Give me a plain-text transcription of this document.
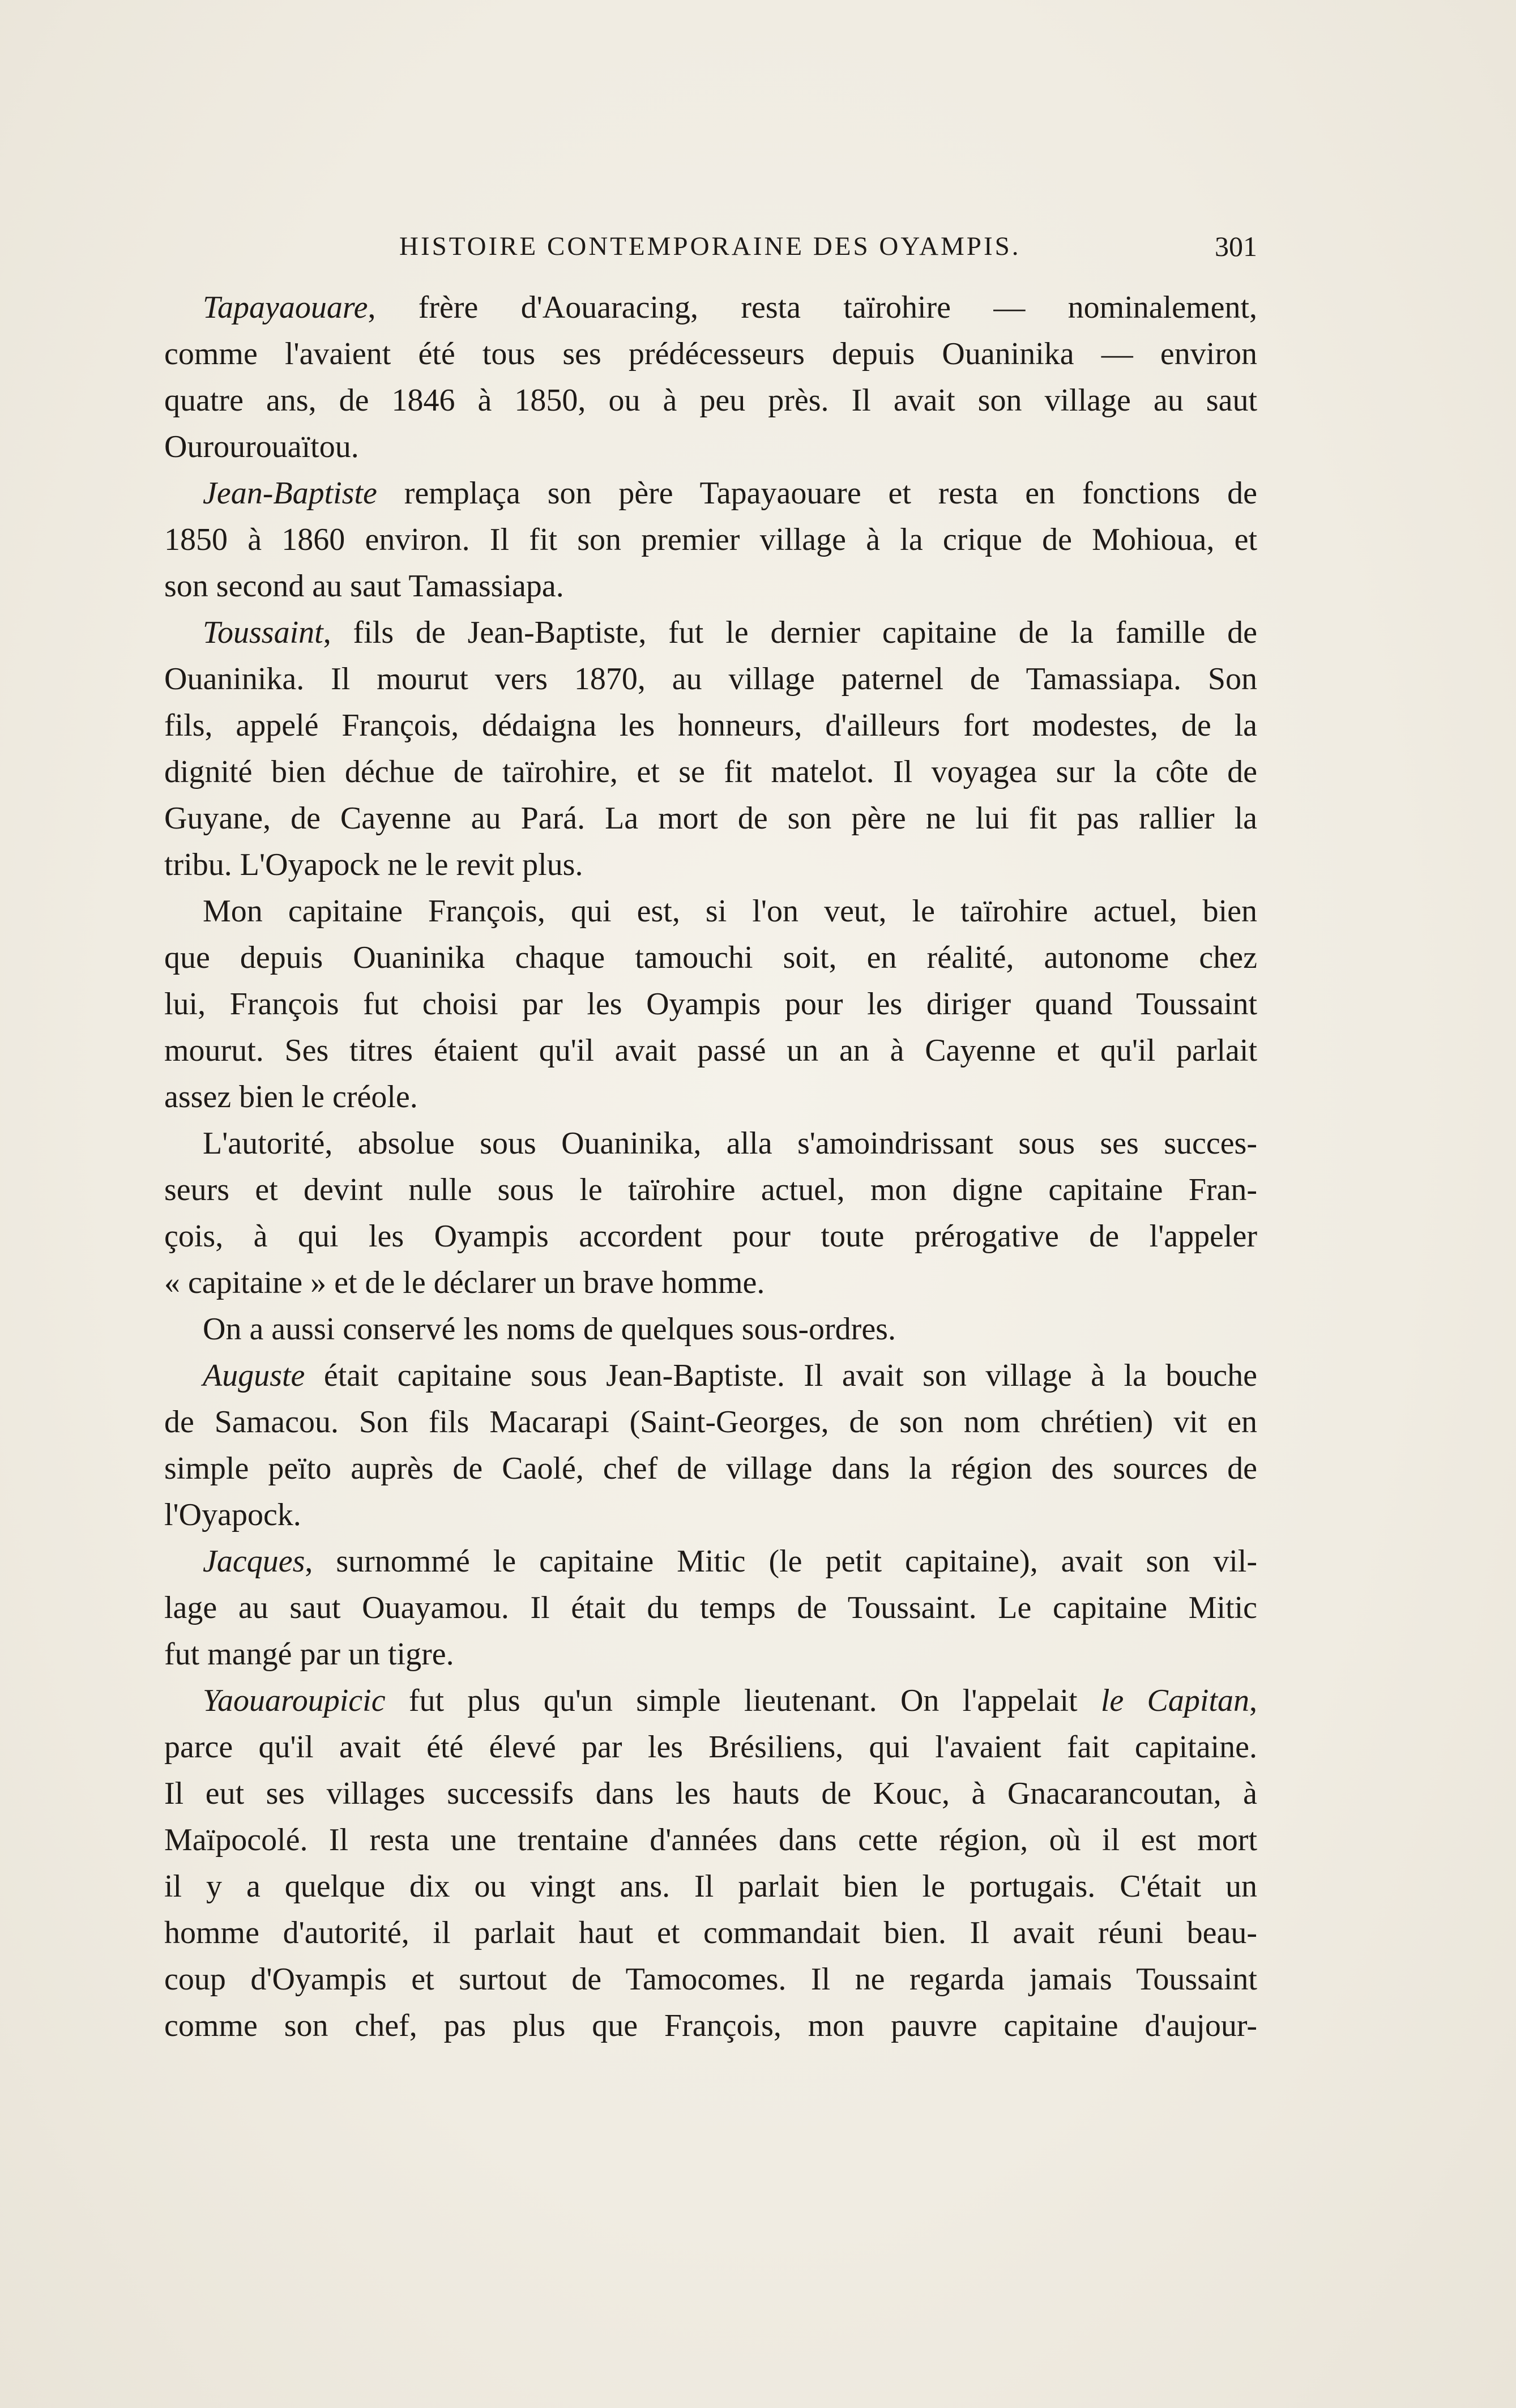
HISTOIRE CONTEMPORAINE DES OYAMPIS.	301
Tapayaouare, frère d'Aouaracing, resta taïrohire — nominalement,
comme l'avaient été tous ses prédécesseurs depuis Ouaninika — environ
quatre ans, de 1846 à 1850, ou à peu près. Il avait son village au saut
Ourourouaïtou.
Jean-Baptiste remplaça son père Tapayaouare et resta en fonctions de
1850 à 1860 environ. Il fit son premier village à la crique de Mohioua, et
son second au saut Tamassiapa.
Toussaint, fils de Jean-Baptiste, fut le dernier capitaine de la famille de
Ouaninika. Il mourut vers 1870, au village paternel de Tamassiapa. Son
fils, appelé François, dédaigna les honneurs, d'ailleurs fort modestes, de la
dignité bien déchue de taïrohire, et se fit matelot. Il voyagea sur la côte de
Guyane, de Cayenne au Pará. La mort de son père ne lui fit pas rallier la
tribu. L'Oyapock ne le revit plus.
Mon capitaine François, qui est, si l'on veut, le taïrohire actuel, bien
que depuis Ouaninika chaque tamouchi soit, en réalité, autonome chez
lui, François fut choisi par les Oyampis pour les diriger quand Toussaint
mourut. Ses titres étaient qu'il avait passé un an à Cayenne et qu'il parlait
assez bien le créole.
L'autorité, absolue sous Ouaninika, alla s'amoindrissant sous ses succes-
seurs et devint nulle sous le taïrohire actuel, mon digne capitaine Fran-
çois, à qui les Oyampis accordent pour toute prérogative de l'appeler
« capitaine » et de le déclarer un brave homme.
On a aussi conservé les noms de quelques sous-ordres.
Auguste était capitaine sous Jean-Baptiste. Il avait son village à la bouche
de Samacou. Son fils Macarapi (Saint-Georges, de son nom chrétien) vit en
simple peïto auprès de Caolé, chef de village dans la région des sources de
l'Oyapock.
Jacques, surnommé le capitaine Mitic (le petit capitaine), avait son vil-
lage au saut Ouayamou. Il était du temps de Toussaint. Le capitaine Mitic
fut mangé par un tigre.
Yaouaroupicic fut plus qu'un simple lieutenant. On l'appelait le Capitan,
parce qu'il avait été élevé par les Brésiliens, qui l'avaient fait capitaine.
Il eut ses villages successifs dans les hauts de Kouc, à Gnacarancoutan, à
Maïpocolé. Il resta une trentaine d'années dans cette région, où il est mort
il y a quelque dix ou vingt ans. Il parlait bien le portugais. C'était un
homme d'autorité, il parlait haut et commandait bien. Il avait réuni beau-
coup d'Oyampis et surtout de Tamocomes. Il ne regarda jamais Toussaint
comme son chef, pas plus que François, mon pauvre capitaine d'aujour-
